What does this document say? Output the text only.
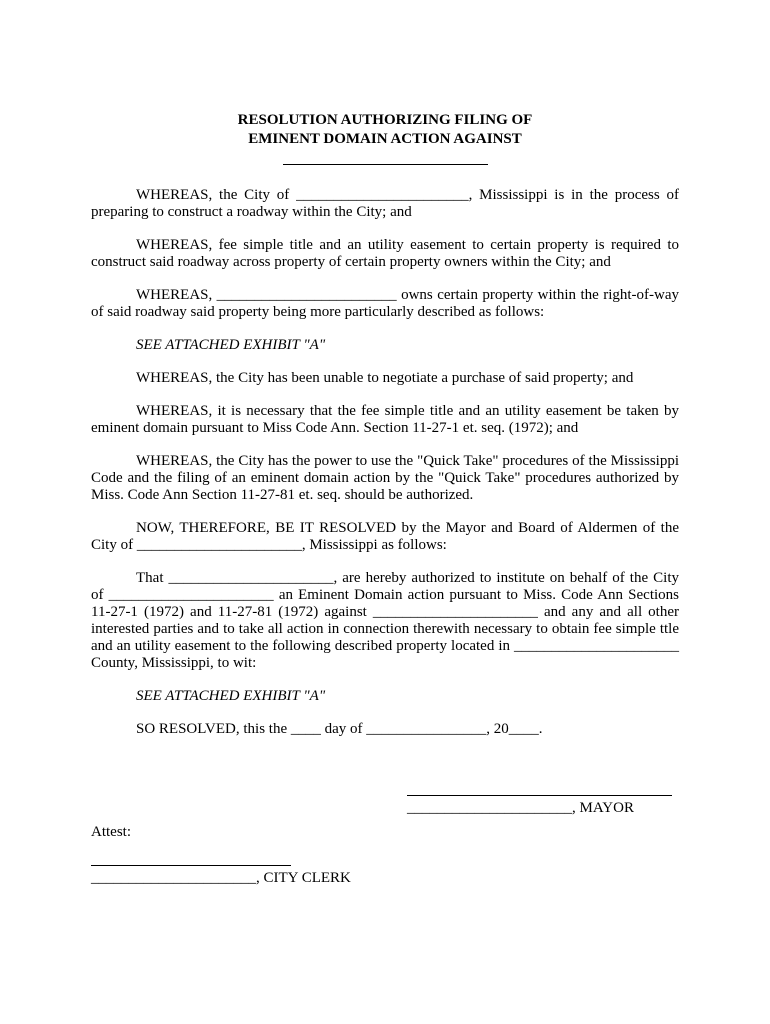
RESOLUTION AUTHORIZING FILING OF

EMINENT DOMAIN ACTION AGAINST

WHEREAS, the City of _______________________, Mississippi is in the process of preparing to construct a roadway within the City; and

WHEREAS, fee simple title and an utility easement to certain property is required to construct said roadway across property of certain property owners within the City; and

WHEREAS, ________________________ owns certain property within the right-of-way of said roadway said property being more particularly described as follows:

SEE ATTACHED EXHIBIT "A"

WHEREAS, the City has been unable to negotiate a purchase of said property; and

WHEREAS, it is necessary that the fee simple title and an utility easement be taken by eminent domain pursuant to Miss Code Ann. Section 11-27-1 et. seq. (1972); and

WHEREAS, the City has the power to use the "Quick Take" procedures of the Mississippi Code and the filing of an eminent domain action by the "Quick Take" procedures authorized by Miss. Code Ann Section 11-27-81 et. seq. should be authorized.

NOW, THEREFORE, BE IT RESOLVED by the Mayor and Board of Aldermen of the City of ______________________, Mississippi as follows:

That ______________________, are hereby authorized to institute on behalf of the City of ______________________ an Eminent Domain action pursuant to Miss. Code Ann Sections 11-27-1 (1972) and 11-27-81 (1972) against ______________________ and any and all other interested parties and to take all action in connection therewith necessary to obtain fee simple ttle and an utility easement to the following described property located in ______________________ County, Mississippi, to wit:

SEE ATTACHED EXHIBIT "A"

SO RESOLVED, this the ____ day of ________________, 20____.

______________________, MAYOR
Attest:
______________________, CITY CLERK
